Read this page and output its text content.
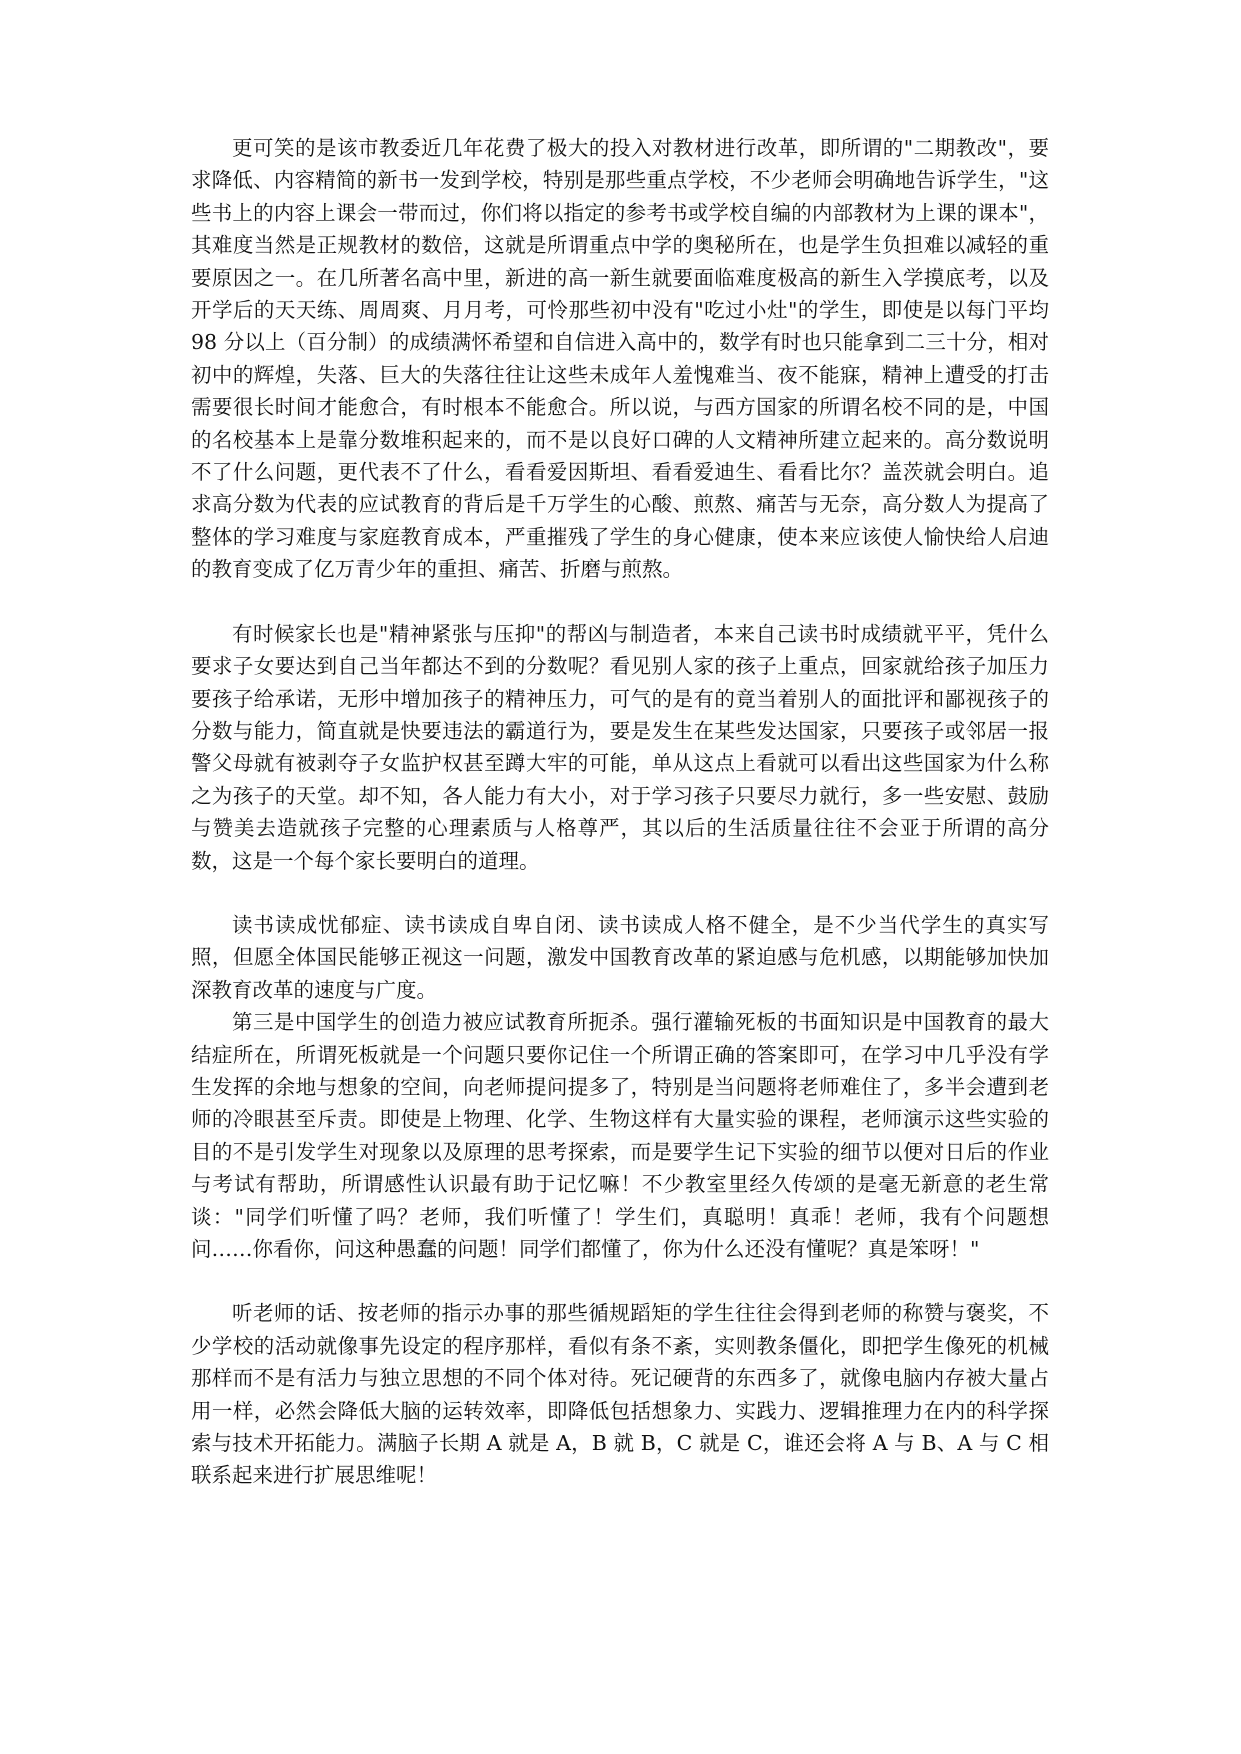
更可笑的是该市教委近几年花费了极大的投入对教材进行改革，即所谓的"二期教改"，要求降低、内容精简的新书一发到学校，特别是那些重点学校，不少老师会明确地告诉学生，"这些书上的内容上课会一带而过，你们将以指定的参考书或学校自编的内部教材为上课的课本"，其难度当然是正规教材的数倍，这就是所谓重点中学的奥秘所在，也是学生负担难以减轻的重要原因之一。在几所著名高中里，新进的高一新生就要面临难度极高的新生入学摸底考，以及开学后的天天练、周周爽、月月考，可怜那些初中没有"吃过小灶"的学生，即使是以每门平均 98 分以上（百分制）的成绩满怀希望和自信进入高中的，数学有时也只能拿到二三十分，相对初中的辉煌，失落、巨大的失落往往让这些未成年人羞愧难当、夜不能寐，精神上遭受的打击需要很长时间才能愈合，有时根本不能愈合。所以说，与西方国家的所谓名校不同的是，中国的名校基本上是靠分数堆积起来的，而不是以良好口碑的人文精神所建立起来的。高分数说明不了什么问题，更代表不了什么，看看爱因斯坦、看看爱迪生、看看比尔？盖茨就会明白。追求高分数为代表的应试教育的背后是千万学生的心酸、煎熬、痛苦与无奈，高分数人为提高了整体的学习难度与家庭教育成本，严重摧残了学生的身心健康，使本来应该使人愉快给人启迪的教育变成了亿万青少年的重担、痛苦、折磨与煎熬。

有时候家长也是"精神紧张与压抑"的帮凶与制造者，本来自己读书时成绩就平平，凭什么要求子女要达到自己当年都达不到的分数呢？看见别人家的孩子上重点，回家就给孩子加压力要孩子给承诺，无形中增加孩子的精神压力，可气的是有的竟当着别人的面批评和鄙视孩子的分数与能力，简直就是快要违法的霸道行为，要是发生在某些发达国家，只要孩子或邻居一报警父母就有被剥夺子女监护权甚至蹲大牢的可能，单从这点上看就可以看出这些国家为什么称之为孩子的天堂。却不知，各人能力有大小，对于学习孩子只要尽力就行，多一些安慰、鼓励与赞美去造就孩子完整的心理素质与人格尊严，其以后的生活质量往往不会亚于所谓的高分数，这是一个每个家长要明白的道理。

读书读成忧郁症、读书读成自卑自闭、读书读成人格不健全，是不少当代学生的真实写照，但愿全体国民能够正视这一问题，激发中国教育改革的紧迫感与危机感，以期能够加快加深教育改革的速度与广度。

第三是中国学生的创造力被应试教育所扼杀。强行灌输死板的书面知识是中国教育的最大结症所在，所谓死板就是一个问题只要你记住一个所谓正确的答案即可，在学习中几乎没有学生发挥的余地与想象的空间，向老师提问提多了，特别是当问题将老师难住了，多半会遭到老师的冷眼甚至斥责。即使是上物理、化学、生物这样有大量实验的课程，老师演示这些实验的目的不是引发学生对现象以及原理的思考探索，而是要学生记下实验的细节以便对日后的作业与考试有帮助，所谓感性认识最有助于记忆嘛！不少教室里经久传颂的是毫无新意的老生常谈："同学们听懂了吗？老师，我们听懂了！学生们，真聪明！真乖！老师，我有个问题想问……你看你，问这种愚蠢的问题！同学们都懂了，你为什么还没有懂呢？真是笨呀！"

听老师的话、按老师的指示办事的那些循规蹈矩的学生往往会得到老师的称赞与褒奖，不少学校的活动就像事先设定的程序那样，看似有条不紊，实则教条僵化，即把学生像死的机械那样而不是有活力与独立思想的不同个体对待。死记硬背的东西多了，就像电脑内存被大量占用一样，必然会降低大脑的运转效率，即降低包括想象力、实践力、逻辑推理力在内的科学探索与技术开拓能力。满脑子长期 A 就是 A，B 就 B，C 就是 C，谁还会将 A 与 B、A 与 C 相联系起来进行扩展思维呢！
